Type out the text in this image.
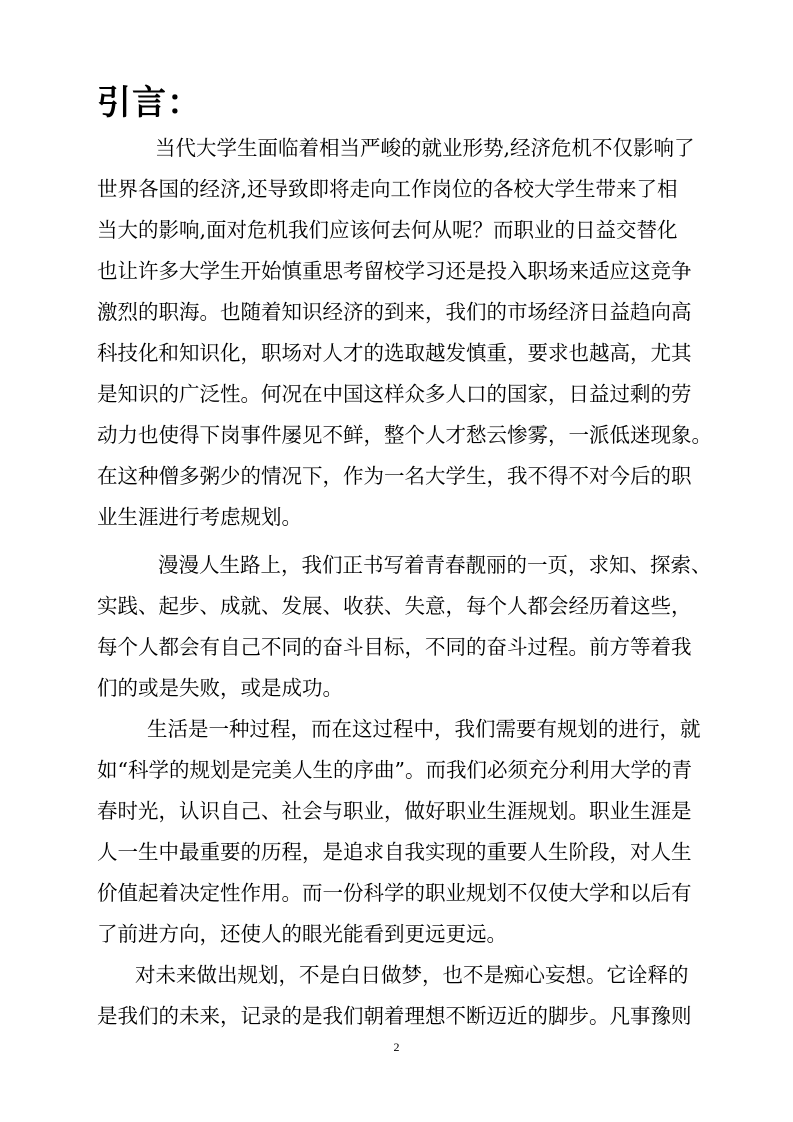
引言：
当代大学生面临着相当严峻的就业形势,经济危机不仅影响了
世界各国的经济,还导致即将走向工作岗位的各校大学生带来了相
当大的影响,面对危机我们应该何去何从呢？而职业的日益交替化
也让许多大学生开始慎重思考留校学习还是投入职场来适应这竞争
激烈的职海。也随着知识经济的到来，我们的市场经济日益趋向高
科技化和知识化，职场对人才的选取越发慎重，要求也越高，尤其
是知识的广泛性。何况在中国这样众多人口的国家，日益过剩的劳
动力也使得下岗事件屡见不鲜，整个人才愁云惨雾，一派低迷现象。
在这种僧多粥少的情况下，作为一名大学生，我不得不对今后的职
业生涯进行考虑规划。
漫漫人生路上，我们正书写着青春靓丽的一页，求知、探索、
实践、起步、成就、发展、收获、失意，每个人都会经历着这些，
每个人都会有自己不同的奋斗目标，不同的奋斗过程。前方等着我
们的或是失败，或是成功。
生活是一种过程，而在这过程中，我们需要有规划的进行，就
如“科学的规划是完美人生的序曲”。而我们必须充分利用大学的青
春时光，认识自己、社会与职业，做好职业生涯规划。职业生涯是
人一生中最重要的历程，是追求自我实现的重要人生阶段，对人生
价值起着决定性作用。而一份科学的职业规划不仅使大学和以后有
了前进方向，还使人的眼光能看到更远更远。
对未来做出规划，不是白日做梦，也不是痴心妄想。它诠释的
是我们的未来，记录的是我们朝着理想不断迈近的脚步。凡事豫则
2
